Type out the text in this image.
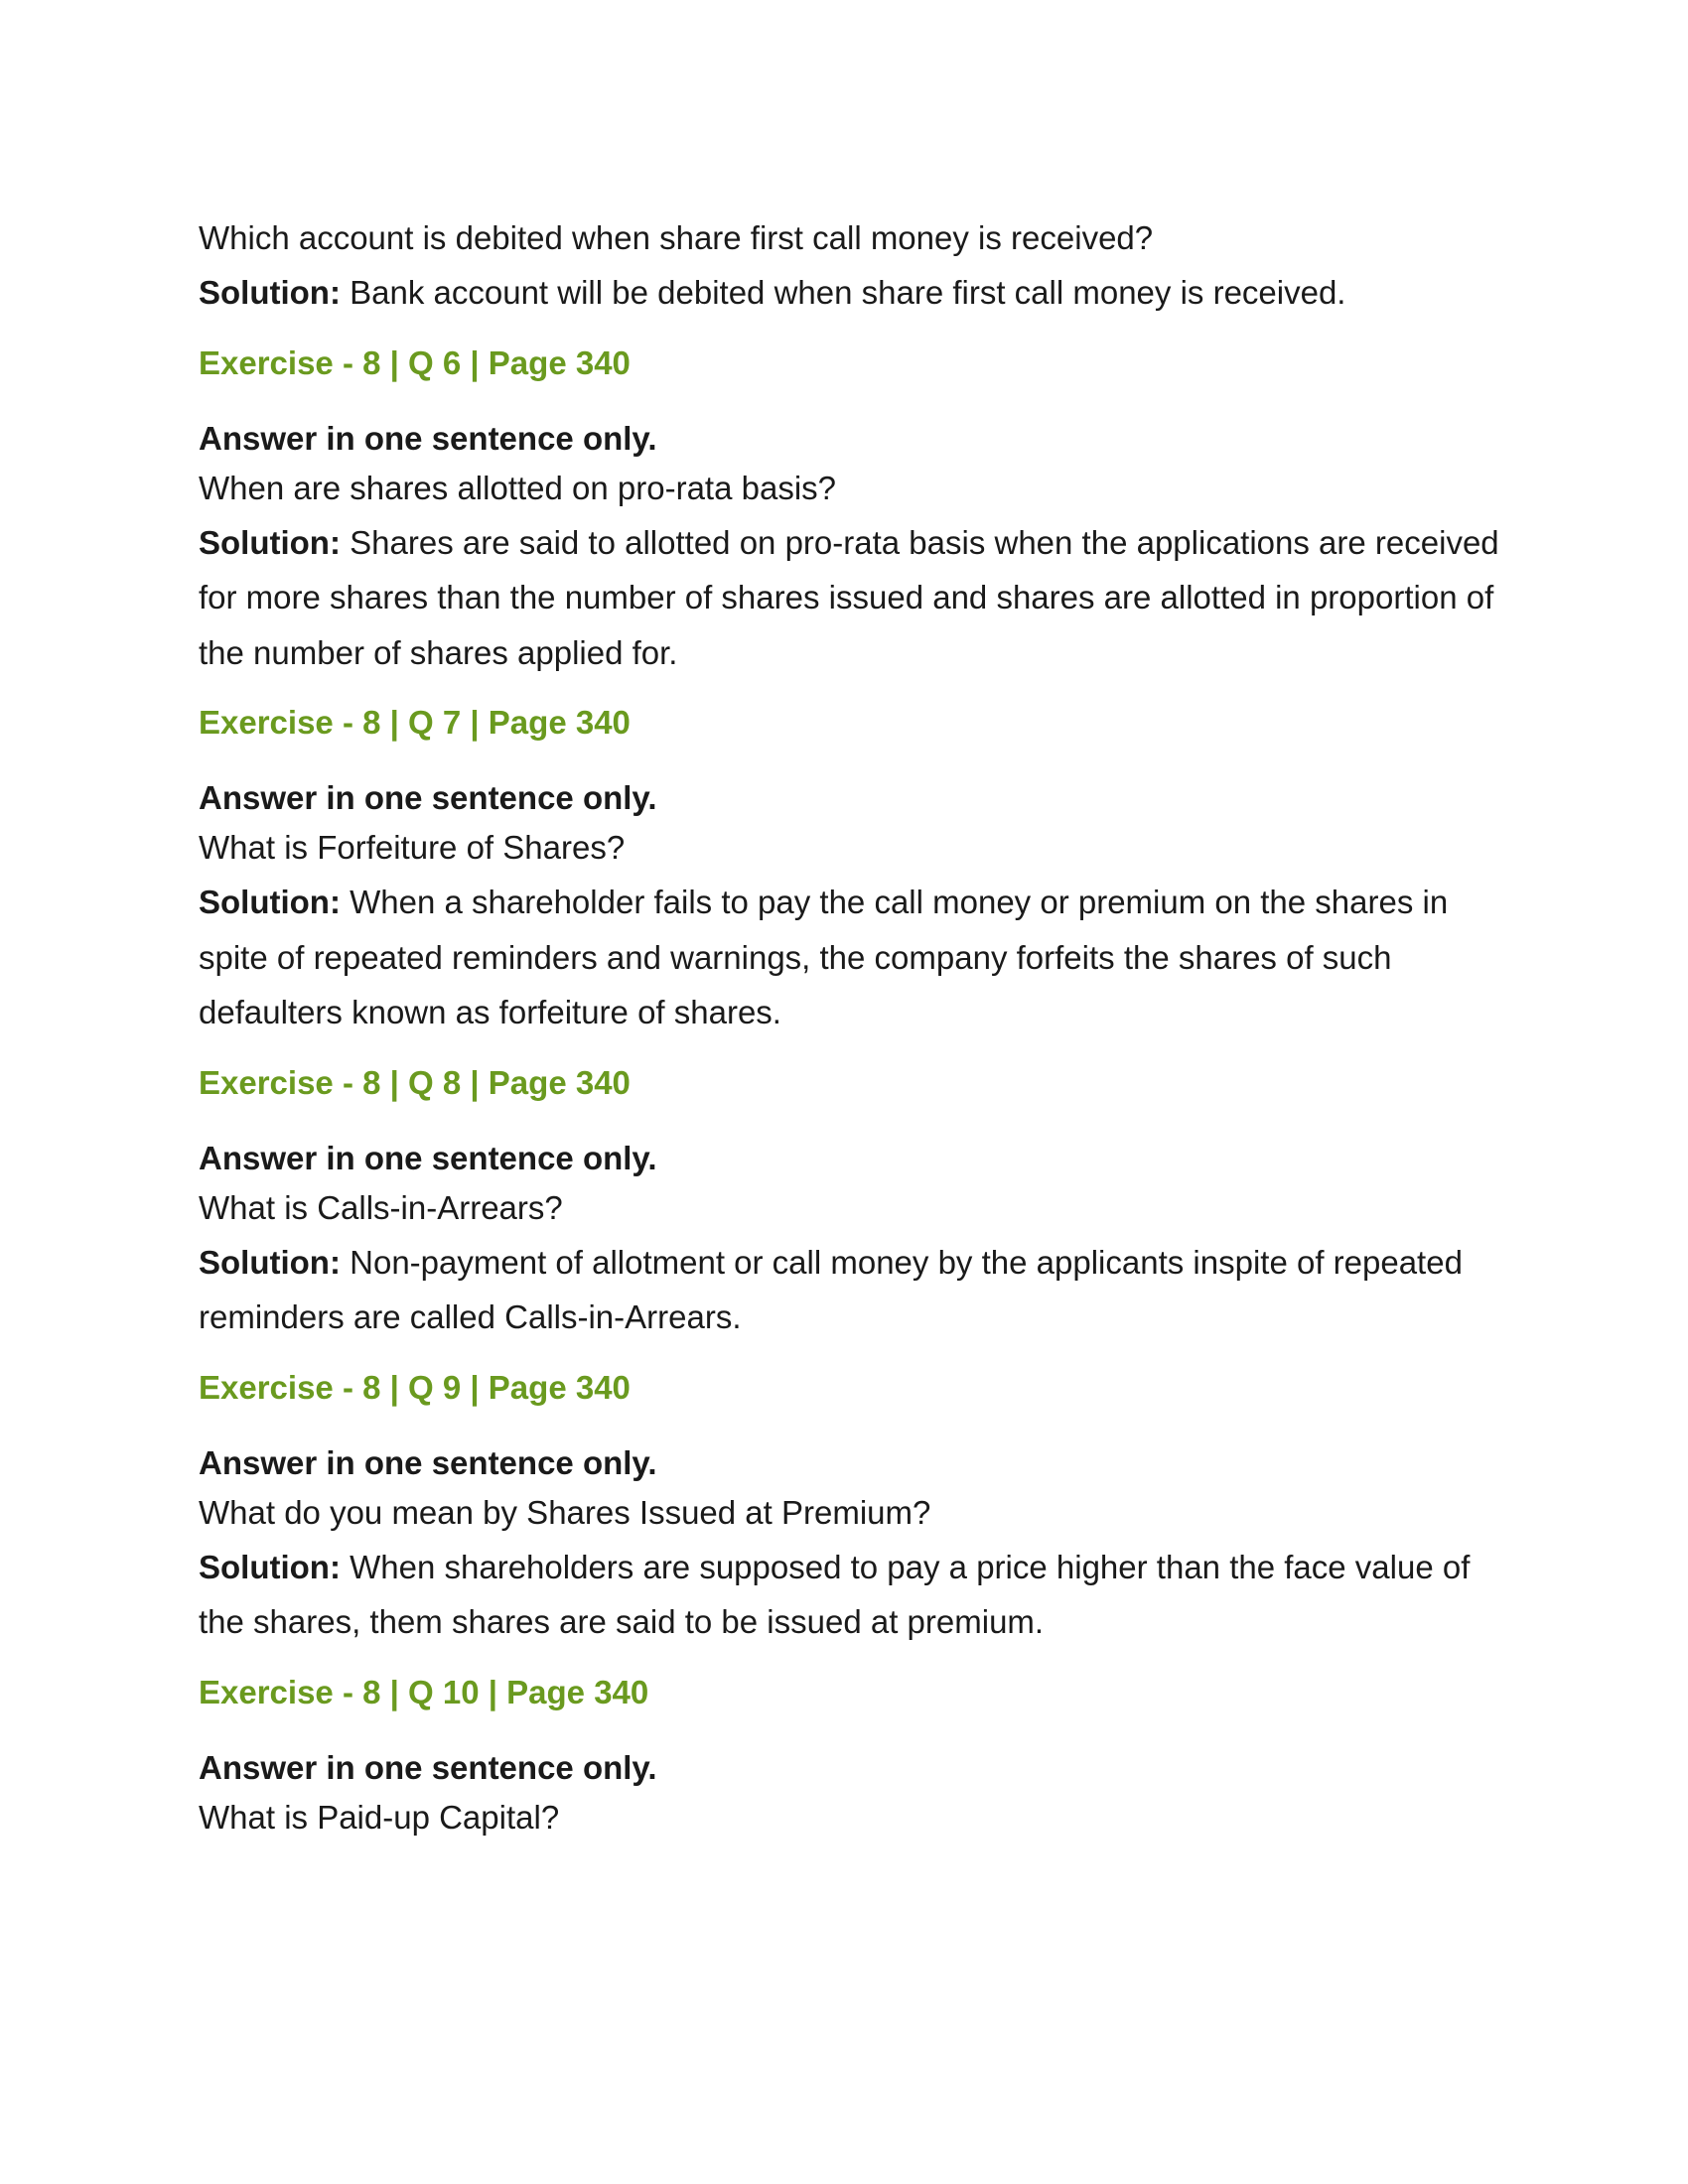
Which account is debited when share first call money is received?

Solution: Bank account will be debited when share first call money is received.

Exercise - 8 | Q 6 | Page 340

Answer in one sentence only.

When are shares allotted on pro-rata basis?

Solution: Shares are said to allotted on pro-rata basis when the applications are received for more shares than the number of shares issued and shares are allotted in proportion of the number of shares applied for.

Exercise - 8 | Q 7 | Page 340

Answer in one sentence only.

What is Forfeiture of Shares?

Solution: When a shareholder fails to pay the call money or premium on the shares in spite of repeated reminders and warnings, the company forfeits the shares of such defaulters known as forfeiture of shares.

Exercise - 8 | Q 8 | Page 340

Answer in one sentence only.

What is Calls-in-Arrears?

Solution: Non-payment of allotment or call money by the applicants inspite of repeated reminders are called Calls-in-Arrears.

Exercise - 8 | Q 9 | Page 340

Answer in one sentence only.

What do you mean by Shares Issued at Premium?

Solution: When shareholders are supposed to pay a price higher than the face value of the shares, them shares are said to be issued at premium.

Exercise - 8 | Q 10 | Page 340

Answer in one sentence only.

What is Paid-up Capital?
